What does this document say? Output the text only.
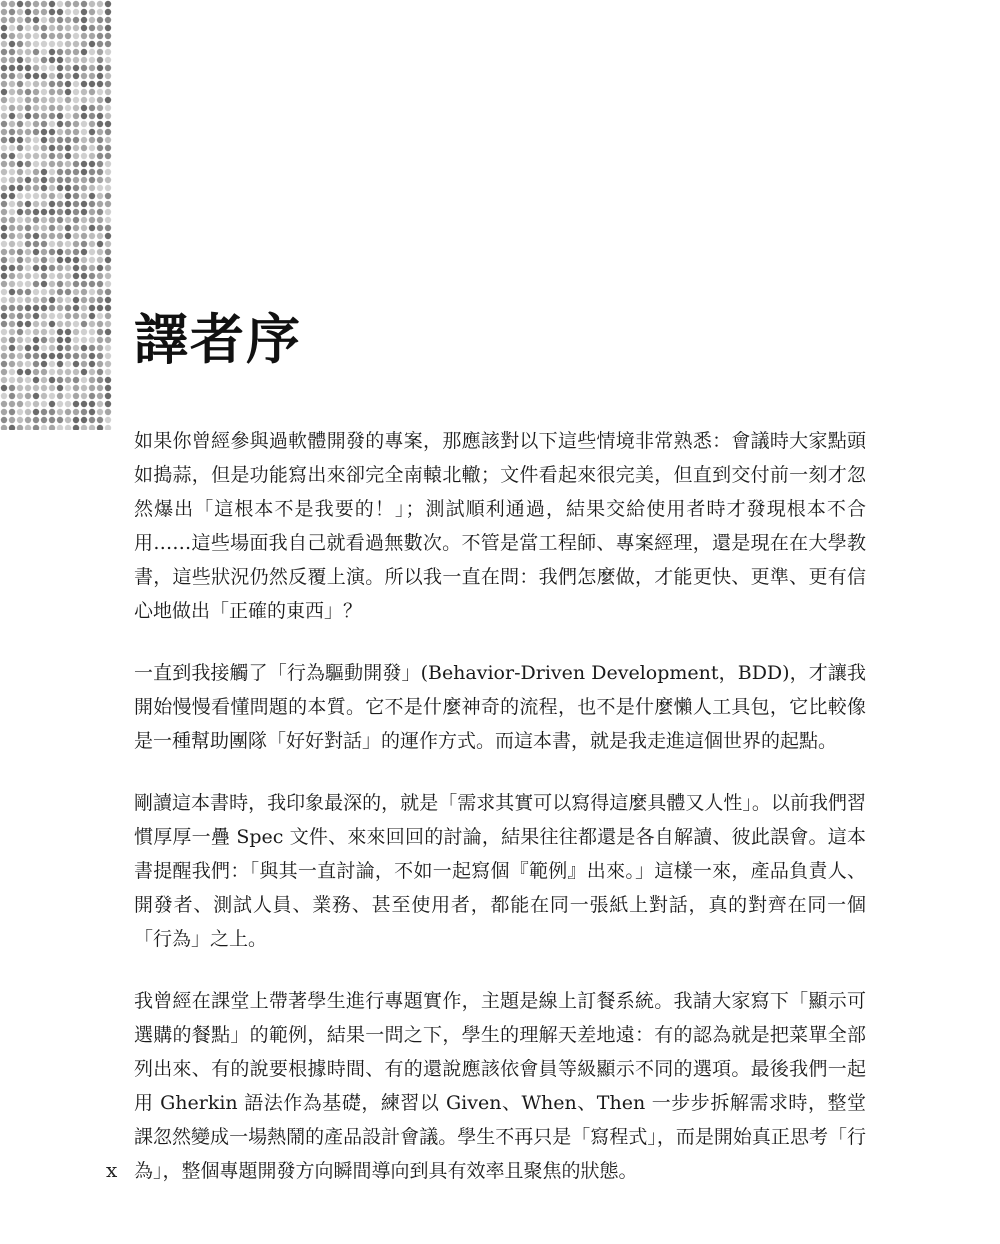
譯者序

如果你曾經參與過軟體開發的專案，那應該對以下這些情境非常熟悉：會議時大家點頭如搗蒜，但是功能寫出來卻完全南轅北轍；文件看起來很完美，但直到交付前一刻才忽然爆出「這根本不是我要的！」；測試順利通過，結果交給使用者時才發現根本不合用……這些場面我自己就看過無數次。不管是當工程師、專案經理，還是現在在大學教書，這些狀況仍然反覆上演。所以我一直在問：我們怎麼做，才能更快、更準、更有信心地做出「正確的東西」？

一直到我接觸了「行為驅動開發」(Behavior-Driven Development，BDD)，才讓我開始慢慢看懂問題的本質。它不是什麼神奇的流程，也不是什麼懶人工具包，它比較像是一種幫助團隊「好好對話」的運作方式。而這本書，就是我走進這個世界的起點。

剛讀這本書時，我印象最深的，就是「需求其實可以寫得這麼具體又人性」。以前我們習慣厚厚一疊 Spec 文件、來來回回的討論，結果往往都還是各自解讀、彼此誤會。這本書提醒我們：「與其一直討論，不如一起寫個『範例』出來。」這樣一來，產品負責人、開發者、測試人員、業務、甚至使用者，都能在同一張紙上對話，真的對齊在同一個「行為」之上。

我曾經在課堂上帶著學生進行專題實作，主題是線上訂餐系統。我請大家寫下「顯示可選購的餐點」的範例，結果一問之下，學生的理解天差地遠：有的認為就是把菜單全部列出來、有的說要根據時間、有的還說應該依會員等級顯示不同的選項。最後我們一起用 Gherkin 語法作為基礎，練習以 Given、When、Then 一步步拆解需求時，整堂課忽然變成一場熱鬧的產品設計會議。學生不再只是「寫程式」，而是開始真正思考「行為」，整個專題開發方向瞬間導向到具有效率且聚焦的狀態。

x
